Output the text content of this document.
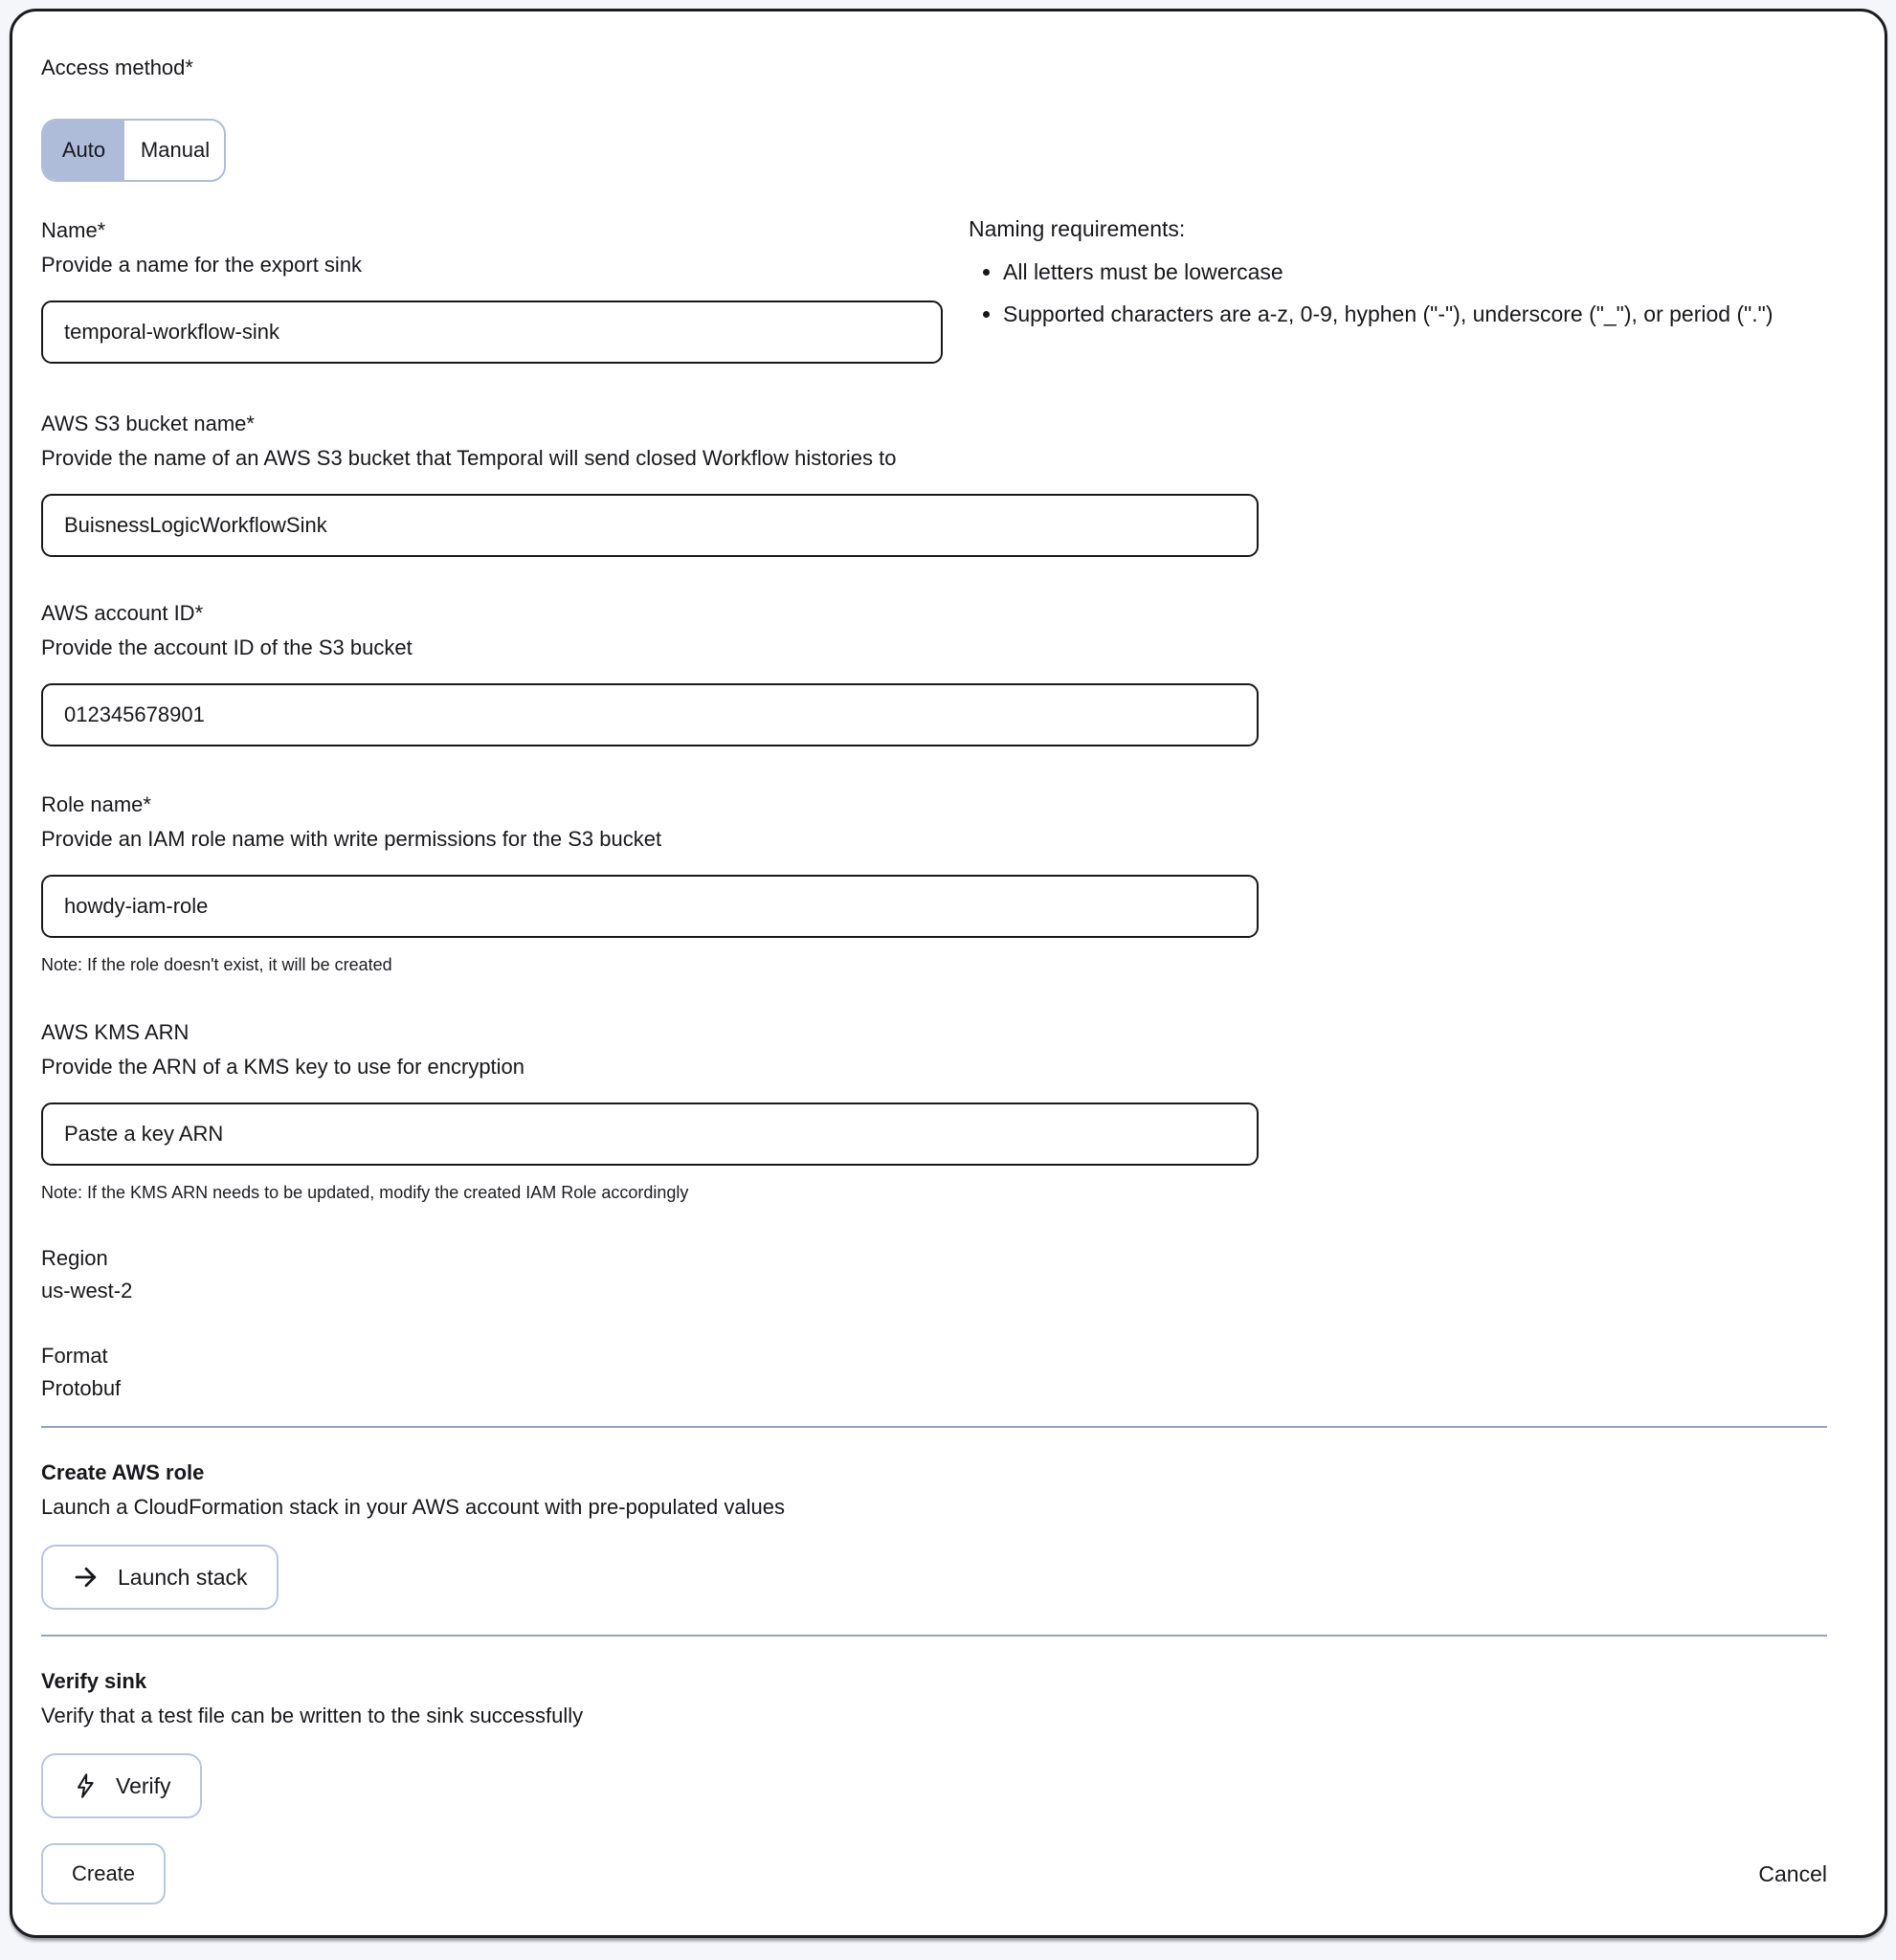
Access method*
Auto Manual
Name*
Provide a name for the export sink
temporal-workflow-sink
AWS S3 bucket name*
Provide the name of an AWS S3 bucket that Temporal will send closed Workflow histories to
BuisnessLogicWorkflowSink
AWS account ID*
Provide the account ID of the S3 bucket
012345678901
Role name*
Provide an IAM role name with write permissions for the S3 bucket
howdy-iam-role
Note: If the role doesn't exist, it will be created
AWS KMS ARN
Provide the ARN of a KMS key to use for encryption
Paste a key ARN
Note: If the KMS ARN needs to be updated, modify the created IAM Role accordingly
Region
us-west-2
Format
Protobuf
Create AWS role
Launch a CloudFormation stack in your AWS account with pre-populated values
Launch stack
Verify sink
Verify that a test file can be written to the sink successfully
Verify
Create	Cancel
Naming requirements:
• All letters must be lowercase
• Supported characters are a-z, 0-9, hyphen ("-"), underscore ("_"), or period (".")
